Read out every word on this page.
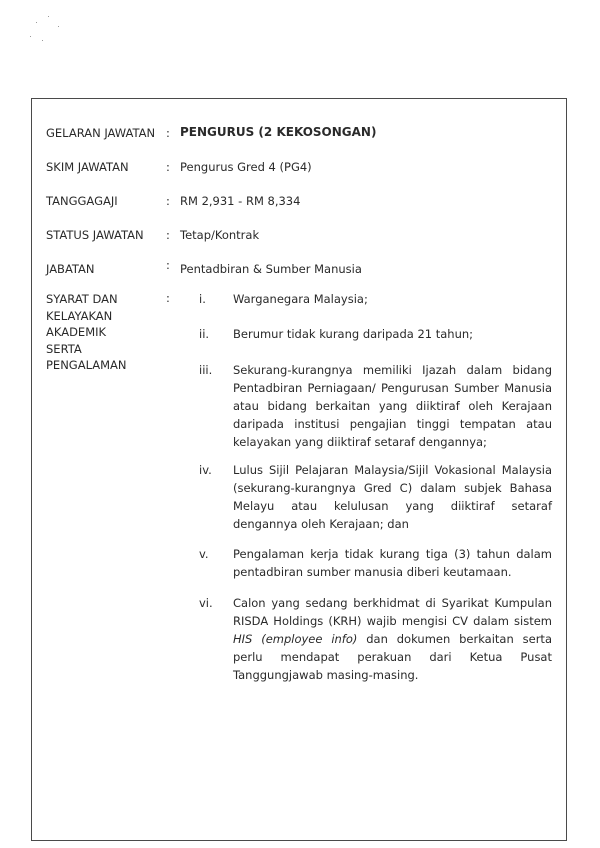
GELARAN JAWATAN : PENGURUS (2 KEKOSONGAN)
SKIM JAWATAN	: Pengurus Gred 4 (PG4)
TANGGAGAJI	: RM 2,931 - RM 8,334
STATUS JAWATAN	: Tetap/Kontrak
JABATAN	: Pentadbiran & Sumber Manusia
SYARAT DAN
KELAYAKAN
AKADEMIK
SERTA
PENGALAMAN
:	i. Warganegara Malaysia;
ii. Berumur tidak kurang daripada 21 tahun;
iii. Sekurang-kurangnya memiliki Ijazah dalam bidang Pentadbiran Perniagaan/ Pengurusan Sumber Manusia atau bidang berkaitan yang diiktiraf oleh Kerajaan daripada institusi pengajian tinggi tempatan atau kelayakan yang diiktiraf setaraf dengannya;
iv. Lulus Sijil Pelajaran Malaysia/Sijil Vokasional Malaysia (sekurang-kurangnya Gred C) dalam subjek Bahasa Melayu atau kelulusan yang diiktiraf setaraf dengannya oleh Kerajaan; dan
v. Pengalaman kerja tidak kurang tiga (3) tahun dalam pentadbiran sumber manusia diberi keutamaan.
vi. Calon yang sedang berkhidmat di Syarikat Kumpulan RISDA Holdings (KRH) wajib mengisi CV dalam sistem HIS (employee info) dan dokumen berkaitan serta perlu mendapat perakuan dari Ketua Pusat Tanggungjawab masing-masing.
